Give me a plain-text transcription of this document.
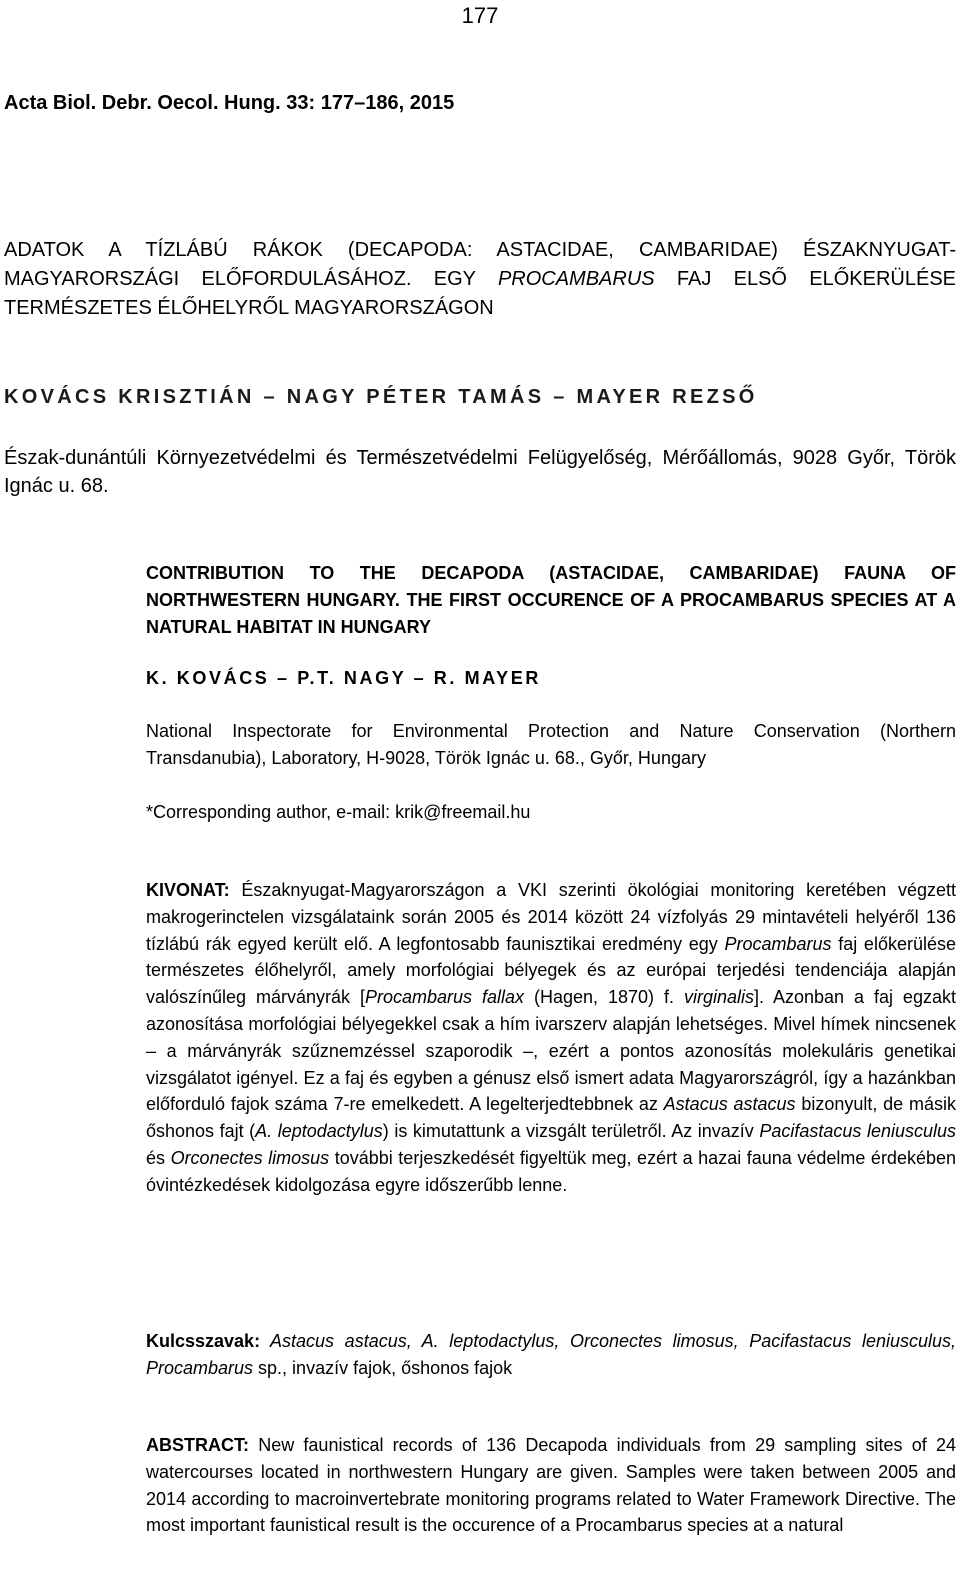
177
Acta Biol. Debr. Oecol. Hung. 33: 177–186, 2015
ADATOK A TÍZLÁBÚ RÁKOK (DECAPODA: ASTACIDAE, CAMBARIDAE) ÉSZAKNYUGAT-MAGYARORSZÁGI ELŐFORDULÁSÁHOZ. EGY PROCAMBARUS FAJ ELSŐ ELŐKERÜLÉSE TERMÉSZETES ÉLŐHELYRŐL MAGYARORSZÁGON
KOVÁCS KRISZTIÁN – NAGY PÉTER TAMÁS – MAYER REZSŐ
Észak-dunántúli Környezetvédelmi és Természetvédelmi Felügyelőség, Mérőállomás, 9028 Győr, Török Ignác u. 68.
CONTRIBUTION TO THE DECAPODA (ASTACIDAE, CAMBARIDAE) FAUNA OF NORTHWESTERN HUNGARY. THE FIRST OCCURENCE OF A PROCAMBARUS SPECIES AT A NATURAL HABITAT IN HUNGARY
K. KOVÁCS – P.T. NAGY – R. MAYER
National Inspectorate for Environmental Protection and Nature Conservation (Northern Transdanubia), Laboratory, H-9028, Török Ignác u. 68., Győr, Hungary
*Corresponding author, e-mail: krik@freemail.hu
KIVONAT: Északnyugat-Magyarországon a VKI szerinti ökológiai monitoring keretében végzett makrogerinctelen vizsgálataink során 2005 és 2014 között 24 vízfolyás 29 mintavételi helyéről 136 tízlábú rák egyed került elő. A legfontosabb faunisztikai eredmény egy Procambarus faj előkerülése természetes élőhelyről, amely morfológiai bélyegek és az európai terjedési tendenciája alapján valószínűleg márványrák [Procambarus fallax (Hagen, 1870) f. virginalis]. Azonban a faj egzakt azonosítása morfológiai bélyegekkel csak a hím ivarszerv alapján lehetséges. Mivel hímek nincsenek – a márványrák szűznemzéssel szaporodik –, ezért a pontos azonosítás molekuláris genetikai vizsgálatot igényel. Ez a faj és egyben a génusz első ismert adata Magyarországról, így a hazánkban előforduló fajok száma 7-re emelkedett. A legelterjedtebbnek az Astacus astacus bizonyult, de másik őshonos fajt (A. leptodactylus) is kimutattunk a vizsgált területről. Az invazív Pacifastacus leniusculus és Orconectes limosus további terjeszkedését figyeltük meg, ezért a hazai fauna védelme érdekében óvintézkedések kidolgozása egyre időszerűbb lenne.
Kulcsszavak: Astacus astacus, A. leptodactylus, Orconectes limosus, Pacifastacus leniusculus, Procambarus sp., invazív fajok, őshonos fajok
ABSTRACT: New faunistical records of 136 Decapoda individuals from 29 sampling sites of 24 watercourses located in northwestern Hungary are given. Samples were taken between 2005 and 2014 according to macroinvertebrate monitoring programs related to Water Framework Directive. The most important faunistical result is the occurence of a Procambarus species at a natural
